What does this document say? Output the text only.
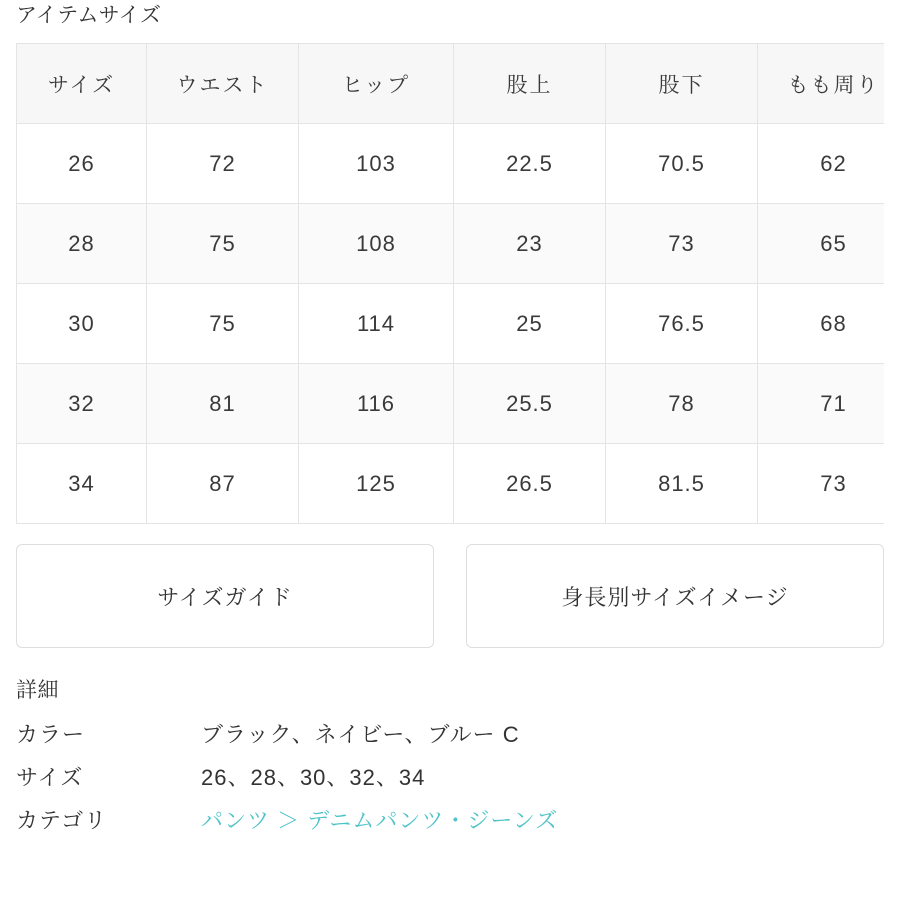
アイテムサイズ
サイズ	ウエスト	ヒップ	股上	股下	もも周り	
26	72	103	22.5	70.5	62	
28	75	108	23	73	65	
30	75	114	25	76.5	68	
32	81	116	25.5	78	71	
34	87	125	26.5	81.5	73	
サイズガイド	身長別サイズイメージ
詳細
カラー	ブラック、ネイビー、ブルー C
サイズ	26、28、30、32、34
カテゴリ	パンツ ＞ デニムパンツ・ジーンズ
